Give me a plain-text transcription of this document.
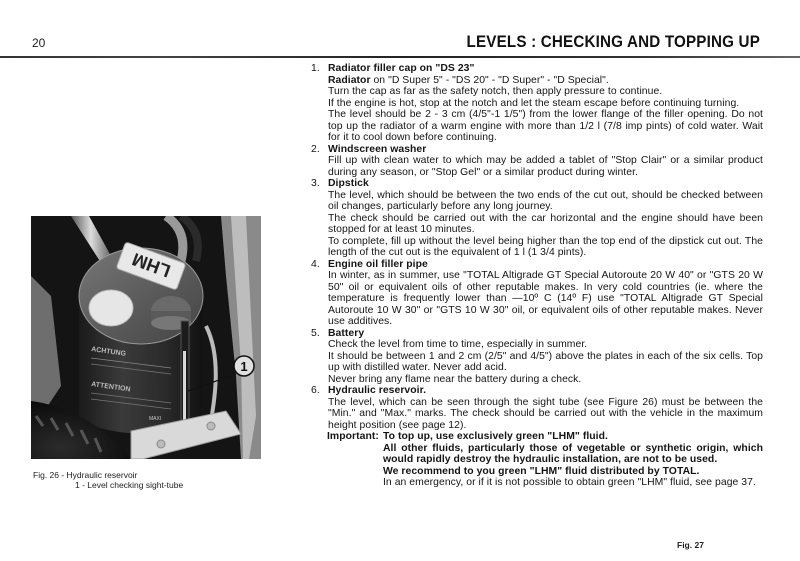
20	LEVELS : CHECKING AND TOPPING UP
LHM
ACHTUNG
ATTENTION
MAXI
1
Fig. 26 - Hydraulic reservoir
1 - Level checking sight-tube
1. Radiator filler cap on "DS 23"

Radiator on "D Super 5" - "DS 20" - "D Super" - "D Special".

Turn the cap as far as the safety notch, then apply pressure to continue.

If the engine is hot, stop at the notch and let the steam escape before continuing turning.

The level should be 2 - 3 cm (4/5"-1 1/5") from the lower flange of the filler opening. Do not top up the radiator of a warm engine with more than 1/2 l (7/8 imp pints) of cold water. Wait for it to cool down before continuing.

2. Windscreen washer

Fill up with clean water to which may be added a tablet of "Stop Clair" or a similar product during any season, or "Stop Gel" or a similar product during winter.

3. Dipstick

The level, which should be between the two ends of the cut out, should be checked between oil changes, particularly before any long journey.

The check should be carried out with the car horizontal and the engine should have been stopped for at least 10 minutes.

To complete, fill up without the level being higher than the top end of the dipstick cut out. The length of the cut out is the equivalent of 1 l (1 3/4 pints).

4. Engine oil filler pipe

In winter, as in summer, use "TOTAL Altigrade GT Special Autoroute 20 W 40" or "GTS 20 W 50" oil or equivalent oils of other reputable makes. In very cold countries (ie. where the temperature is frequently lower than —10º C (14º F) use "TOTAL Altigrade GT Special Autoroute 10 W 30" or "GTS 10 W 30" oil, or equivalent oils of other reputable makes. Never use additives.

5. Battery

Check the level from time to time, especially in summer.

It should be between 1 and 2 cm (2/5" and 4/5") above the plates in each of the six cells. Top up with distilled water. Never add acid.

Never bring any flame near the battery during a check.

6. Hydraulic reservoir.

The level, which can be seen through the sight tube (see Figure 26) must be between the "Min." and "Max." marks. The check should be carried out with the vehicle in the maximum height position (see page 12).

Important: To top up, use exclusively green "LHM" fluid.

All other fluids, particularly those of vegetable or synthetic origin, which would rapidly destroy the hydraulic installation, are not to be used.

We recommend to you green "LHM" fluid distributed by TOTAL.

In an emergency, or if it is not possible to obtain green "LHM" fluid, see page 37.

Fig. 27
